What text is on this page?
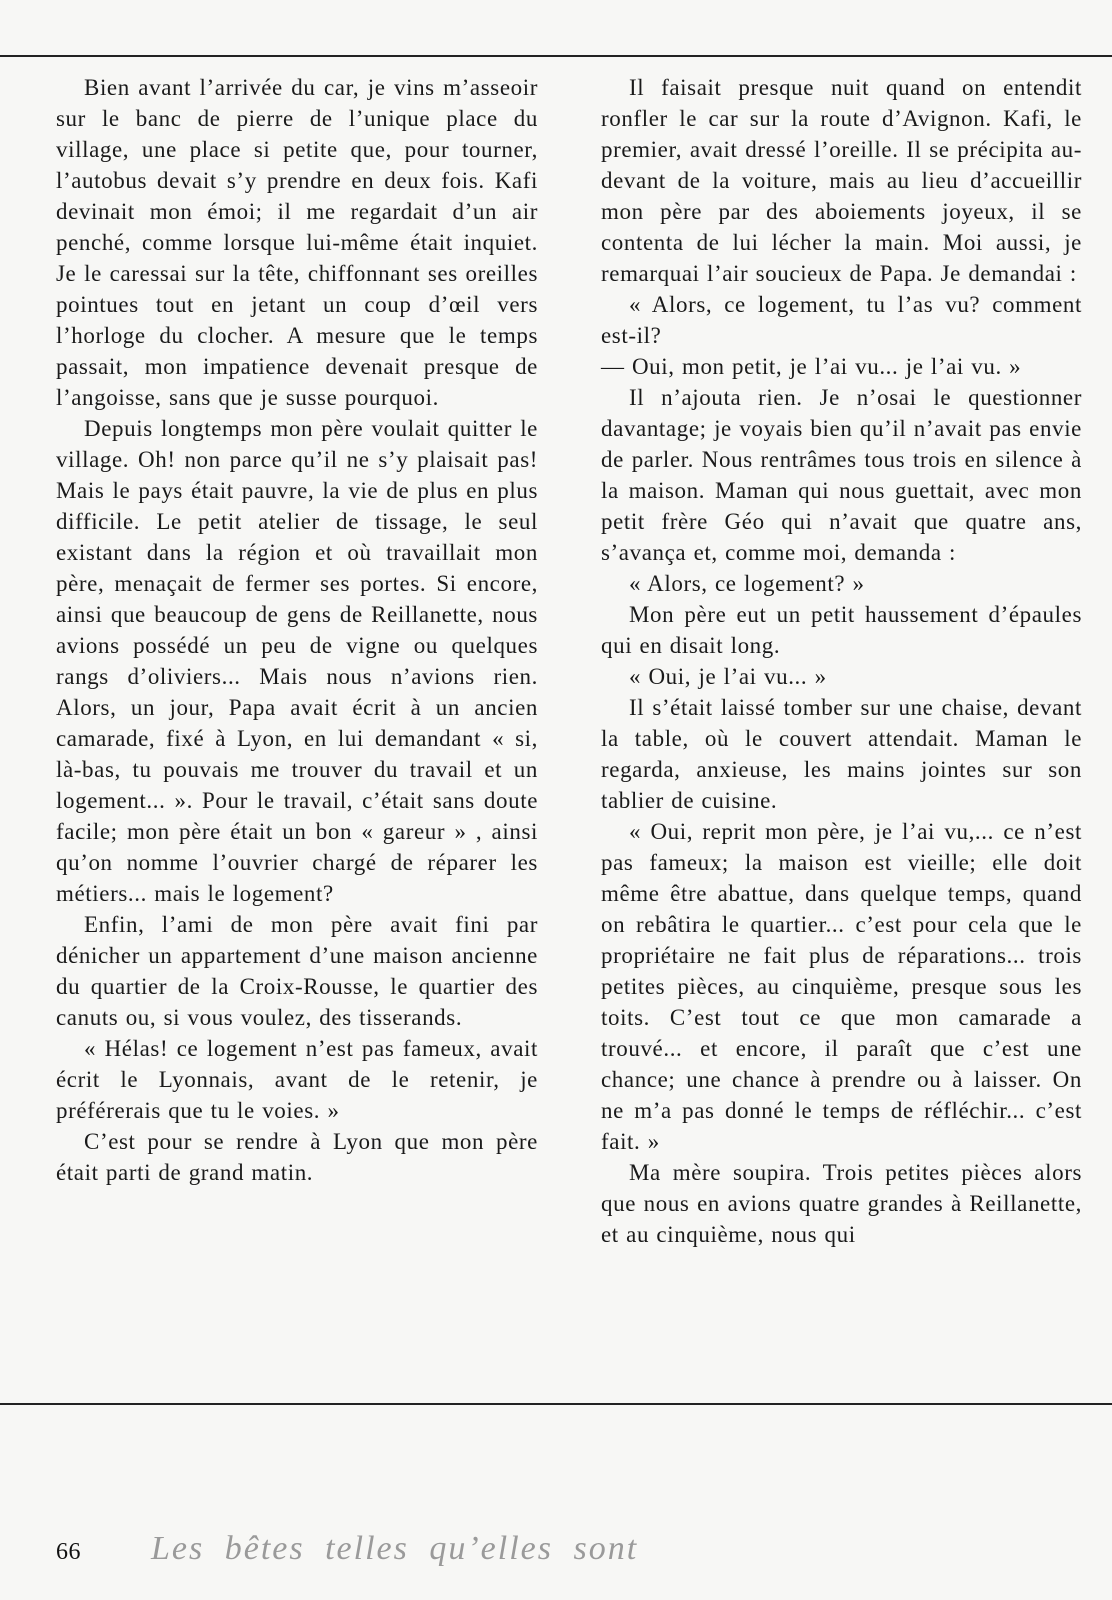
Bien avant l’arrivée du car, je vins m’asseoir sur le banc de pierre de l’unique place du village, une place si petite que, pour tourner, l’autobus devait s’y prendre en deux fois. Kafi devinait mon émoi; il me regardait d’un air penché, comme lorsque lui-même était inquiet. Je le caressai sur la tête, chiffonnant ses oreilles pointues tout en jetant un coup d’œil vers l’horloge du clocher. A mesure que le temps passait, mon impatience devenait presque de l’angoisse, sans que je susse pourquoi.

Depuis longtemps mon père voulait quitter le village. Oh! non parce qu’il ne s’y plaisait pas! Mais le pays était pauvre, la vie de plus en plus difficile. Le petit atelier de tissage, le seul existant dans la région et où travaillait mon père, menaçait de fermer ses portes. Si encore, ainsi que beaucoup de gens de Reillanette, nous avions possédé un peu de vigne ou quelques rangs d’oliviers... Mais nous n’avions rien. Alors, un jour, Papa avait écrit à un ancien camarade, fixé à Lyon, en lui demandant « si, là-bas, tu pouvais me trouver du travail et un logement... ». Pour le travail, c’était sans doute facile; mon père était un bon « gareur » , ainsi qu’on nomme l’ouvrier chargé de réparer les métiers... mais le logement?

Enfin, l’ami de mon père avait fini par dénicher un appartement d’une maison ancienne du quartier de la Croix-Rousse, le quartier des canuts ou, si vous voulez, des tisserands.

« Hélas! ce logement n’est pas fameux, avait écrit le Lyonnais, avant de le retenir, je préférerais que tu le voies. »

C’est pour se rendre à Lyon que mon père était parti de grand matin.

Il faisait presque nuit quand on entendit ronfler le car sur la route d’Avignon. Kafi, le premier, avait dressé l’oreille. Il se précipita au-devant de la voiture, mais au lieu d’accueillir mon père par des aboiements joyeux, il se contenta de lui lécher la main. Moi aussi, je remarquai l’air soucieux de Papa. Je demandai :

« Alors, ce logement, tu l’as vu? comment est-il?

— Oui, mon petit, je l’ai vu... je l’ai vu. »

Il n’ajouta rien. Je n’osai le questionner davantage; je voyais bien qu’il n’avait pas envie de parler. Nous rentrâmes tous trois en silence à la maison. Maman qui nous guettait, avec mon petit frère Géo qui n’avait que quatre ans, s’avança et, comme moi, demanda :

« Alors, ce logement? »

Mon père eut un petit haussement d’épaules qui en disait long.

« Oui, je l’ai vu... »

Il s’était laissé tomber sur une chaise, devant la table, où le couvert attendait. Maman le regarda, anxieuse, les mains jointes sur son tablier de cuisine.

« Oui, reprit mon père, je l’ai vu,... ce n’est pas fameux; la maison est vieille; elle doit même être abattue, dans quelque temps, quand on rebâtira le quartier... c’est pour cela que le propriétaire ne fait plus de réparations... trois petites pièces, au cinquième, presque sous les toits. C’est tout ce que mon camarade a trouvé... et encore, il paraît que c’est une chance; une chance à prendre ou à laisser. On ne m’a pas donné le temps de réfléchir... c’est fait. »

Ma mère soupira. Trois petites pièces alors que nous en avions quatre grandes à Reillanette, et au cinquième, nous qui

66 Les bêtes telles qu’elles sont
